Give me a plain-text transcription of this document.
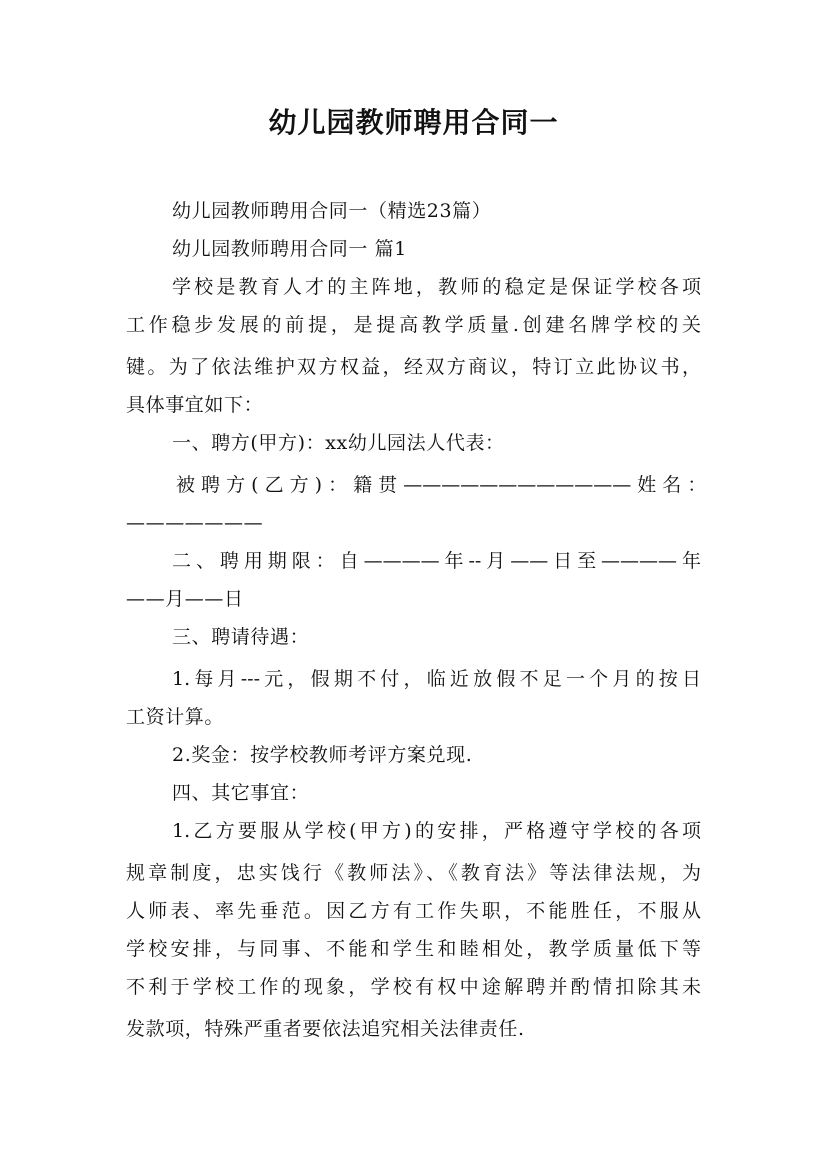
幼儿园教师聘用合同一
幼儿园教师聘用合同一（精选23篇）
幼儿园教师聘用合同一 篇1
学校是教育人才的主阵地，教师的稳定是保证学校各项
工作稳步发展的前提，是提高教学质量.创建名牌学校的关
键。为了依法维护双方权益，经双方商议，特订立此协议书，
具体事宜如下：
一、聘方(甲方)：xx幼儿园法人代表：
被 聘 方 ( 乙 方 ) ： 籍 贯 ———————————— 姓 名 ：
———————
二、聘用期限：自————年--月——日至————年
——月——日
三、聘请待遇：
1.每月---元，假期不付，临近放假不足一个月的按日
工资计算。
2.奖金：按学校教师考评方案兑现.
四、其它事宜：
1.乙方要服从学校(甲方)的安排，严格遵守学校的各项
规章制度，忠实饯行《教师法》、《教育法》等法律法规，为
人师表、率先垂范。因乙方有工作失职，不能胜任，不服从
学校安排，与同事、不能和学生和睦相处，教学质量低下等
不利于学校工作的现象，学校有权中途解聘并酌情扣除其未
发款项，特殊严重者要依法追究相关法律责任.
